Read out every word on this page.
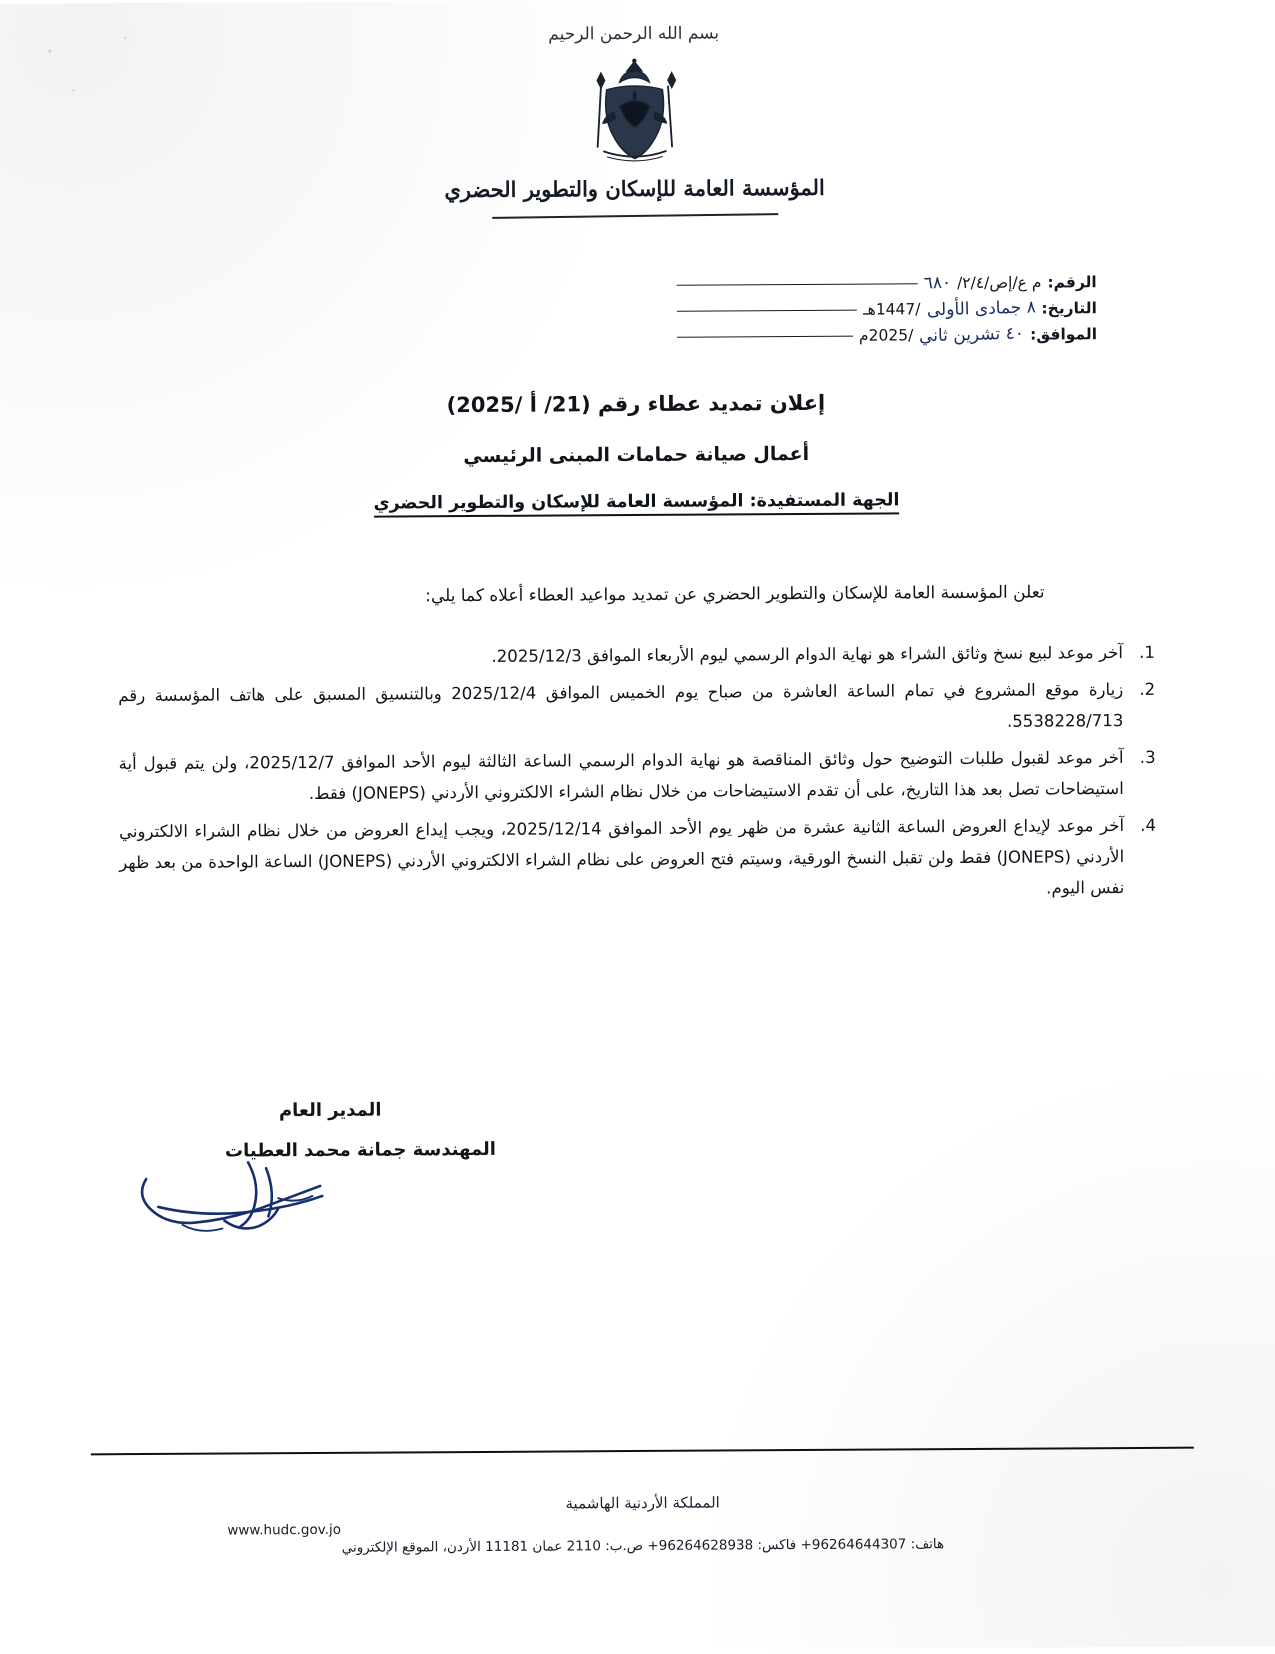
بسم الله الرحمن الرحيم
المؤسسة العامة للإسكان والتطوير الحضري
الرقم:
م ع/إص/٢/٤/
٦٨٠
التاريخ:
٨ جمادى الأولى
/1447هـ
الموافق:
٤٠ تشرين ثاني
/2025م
إعلان تمديد عطاء رقم (21/ أ /2025)
أعمال صيانة حمامات المبنى الرئيسي
الجهة المستفيدة: المؤسسة العامة للإسكان والتطوير الحضري
تعلن المؤسسة العامة للإسكان والتطوير الحضري عن تمديد مواعيد العطاء أعلاه كما يلي:
آخر موعد لبيع نسخ وثائق الشراء هو نهاية الدوام الرسمي ليوم الأربعاء الموافق 2025/12/3.
زيارة موقع المشروع في تمام الساعة العاشرة من صباح يوم الخميس الموافق 2025/12/4 وبالتنسيق المسبق على هاتف المؤسسة رقم 5538228/713.
آخر موعد لقبول طلبات التوضيح حول وثائق المناقصة هو نهاية الدوام الرسمي الساعة الثالثة ليوم الأحد الموافق 2025/12/7، ولن يتم قبول أية استيضاحات تصل بعد هذا التاريخ، على أن تقدم الاستيضاحات من خلال نظام الشراء الالكتروني الأردني (JONEPS) فقط.
آخر موعد لإيداع العروض الساعة الثانية عشرة من ظهر يوم الأحد الموافق 2025/12/14، ويجب إيداع العروض من خلال نظام الشراء الالكتروني الأردني (JONEPS) فقط ولن تقبل النسخ الورقية، وسيتم فتح العروض على نظام الشراء الالكتروني الأردني (JONEPS) الساعة الواحدة من بعد ظهر نفس اليوم.
المدير العام
المهندسة جمانة محمد العطيات
المملكة الأردنية الهاشمية
هاتف: 96264644307+ فاكس: 96264628938+ ص.ب: 2110 عمان 11181 الأردن، الموقع الإلكتروني
www.hudc.gov.jo
